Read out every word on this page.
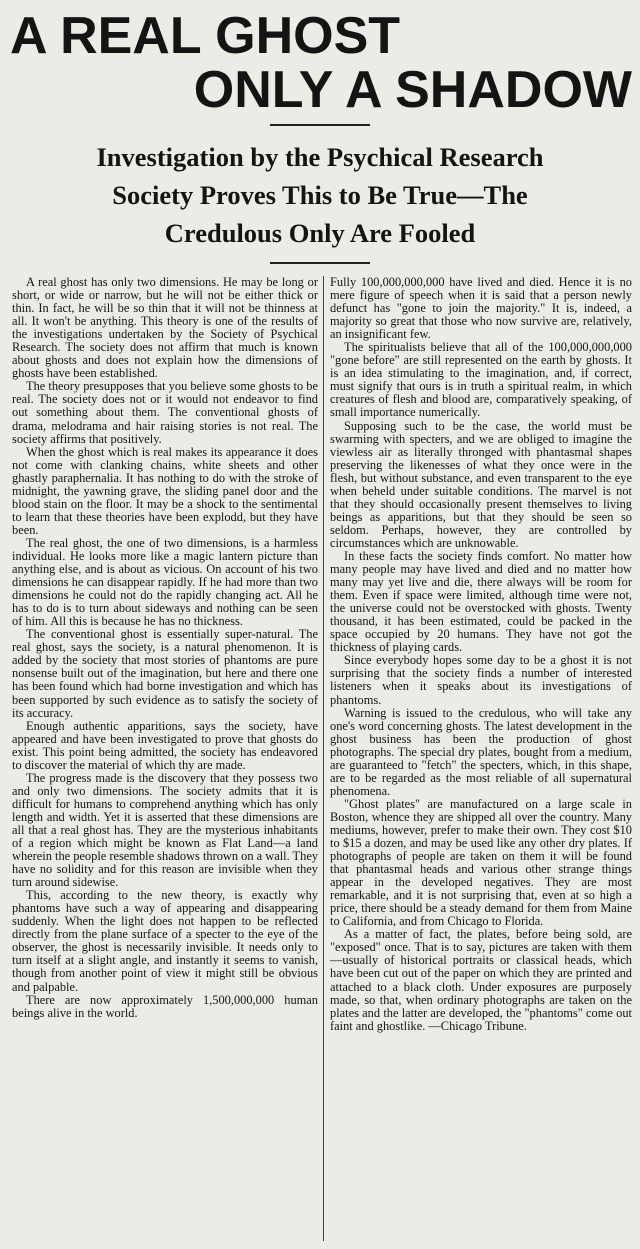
A REAL GHOST
ONLY A SHADOW
Investigation by the Psychical Research
Society Proves This to Be True—The
Credulous Only Are Fooled

A real ghost has only two dimensions. He may be long or short, or wide or narrow, but he will not be either thick or thin. In fact, he will be so thin that it will not be thinness at all. It won't be anything. This theory is one of the results of the investigations undertaken by the Society of Psychical Research. The society does not affirm that much is known about ghosts and does not explain how the dimensions of ghosts have been established.

The theory presupposes that you believe some ghosts to be real. The society does not or it would not endeavor to find out something about them. The conventional ghosts of drama, melodrama and hair raising stories is not real. The society affirms that positively.

When the ghost which is real makes its appearance it does not come with clanking chains, white sheets and other ghastly paraphernalia. It has nothing to do with the stroke of midnight, the yawning grave, the sliding panel door and the blood stain on the floor. It may be a shock to the sentimental to learn that these theories have been explodd, but they have been.

The real ghost, the one of two dimensions, is a harmless individual. He looks more like a magic lantern picture than anything else, and is about as vicious. On account of his two dimensions he can disappear rapidly. If he had more than two dimensions he could not do the rapidly changing act. All he has to do is to turn about sideways and nothing can be seen of him. All this is because he has no thickness.

The conventional ghost is essentially super-natural. The real ghost, says the society, is a natural phenomenon. It is added by the society that most stories of phantoms are pure nonsense built out of the imagination, but here and there one has been found which had borne investigation and which has been supported by such evidence as to satisfy the society of its accuracy.

Enough authentic apparitions, says the society, have appeared and have been investigated to prove that ghosts do exist. This point being admitted, the society has endeavored to discover the material of which thy are made.

The progress made is the discovery that they possess two and only two dimensions. The society admits that it is difficult for humans to comprehend anything which has only length and width. Yet it is asserted that these dimensions are all that a real ghost has. They are the mysterious inhabitants of a region which might be known as Flat Land—a land wherein the people resemble shadows thrown on a wall. They have no solidity and for this reason are invisible when they turn around sidewise.

This, according to the new theory, is exactly why phantoms have such a way of appearing and disappearing suddenly. When the light does not happen to be reflected directly from the plane surface of a specter to the eye of the observer, the ghost is necessarily invisible. It needs only to turn itself at a slight angle, and instantly it seems to vanish, though from another point of view it might still be obvious and palpable.

There are now approximately 1,500,000,000 human beings alive in the world.

Fully 100,000,000,000 have lived and died. Hence it is no mere figure of speech when it is said that a person newly defunct has "gone to join the majority." It is, indeed, a majority so great that those who now survive are, relatively, an insignificant few.

The spiritualists believe that all of the 100,000,000,000 "gone before" are still represented on the earth by ghosts. It is an idea stimulating to the imagination, and, if correct, must signify that ours is in truth a spiritual realm, in which creatures of flesh and blood are, comparatively speaking, of small importance numerically.

Supposing such to be the case, the world must be swarming with specters, and we are obliged to imagine the viewless air as literally thronged with phantasmal shapes preserving the likenesses of what they once were in the flesh, but without substance, and even transparent to the eye when beheld under suitable conditions. The marvel is not that they should occasionally present themselves to living beings as apparitions, but that they should be seen so seldom. Perhaps, however, they are controlled by circumstances which are unknowable.

In these facts the society finds comfort. No matter how many people may have lived and died and no matter how many may yet live and die, there always will be room for them. Even if space were limited, although time were not, the universe could not be overstocked with ghosts. Twenty thousand, it has been estimated, could be packed in the space occupied by 20 humans. They have not got the thickness of playing cards.

Since everybody hopes some day to be a ghost it is not surprising that the society finds a number of interested listeners when it speaks about its investigations of phantoms.

Warning is issued to the credulous, who will take any one's word concerning ghosts. The latest development in the ghost business has been the production of ghost photographs. The special dry plates, bought from a medium, are guaranteed to "fetch" the specters, which, in this shape, are to be regarded as the most reliable of all supernatural phenomena.

"Ghost plates" are manufactured on a large scale in Boston, whence they are shipped all over the country. Many mediums, however, prefer to make their own. They cost $10 to $15 a dozen, and may be used like any other dry plates. If photographs of people are taken on them it will be found that phantasmal heads and various other strange things appear in the developed negatives. They are most remarkable, and it is not surprising that, even at so high a price, there should be a steady demand for them from Maine to California, and from Chicago to Florida.

As a matter of fact, the plates, before being sold, are "exposed" once. That is to say, pictures are taken with them—usually of historical portraits or classical heads, which have been cut out of the paper on which they are printed and attached to a black cloth. Under exposures are purposely made, so that, when ordinary photographs are taken on the plates and the latter are developed, the "phantoms" come out faint and ghostlike. —Chicago Tribune.
